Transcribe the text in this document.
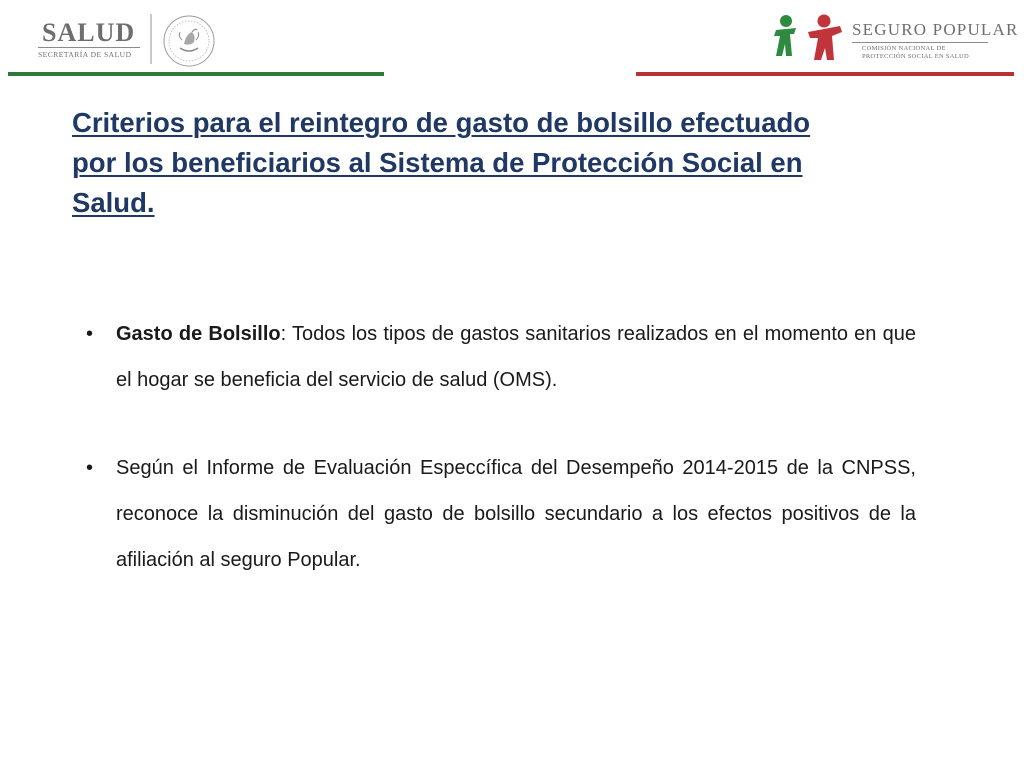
SALUD
SECRETARÍA DE SALUD
SEGURO POPULAR
COMISIÓN NACIONAL DE
PROTECCIÓN SOCIAL EN SALUD
Criterios para el reintegro de gasto de bolsillo efectuado por los beneficiarios al Sistema de Protección Social en Salud.
• Gasto de Bolsillo: Todos los tipos de gastos sanitarios realizados en el momento en que el hogar se beneficia del servicio de salud (OMS).
• Según el Informe de Evaluación Especcífica del Desempeño 2014-2015 de la CNPSS, reconoce la disminución del gasto de bolsillo secundario a los efectos positivos de la afiliación al seguro Popular.
